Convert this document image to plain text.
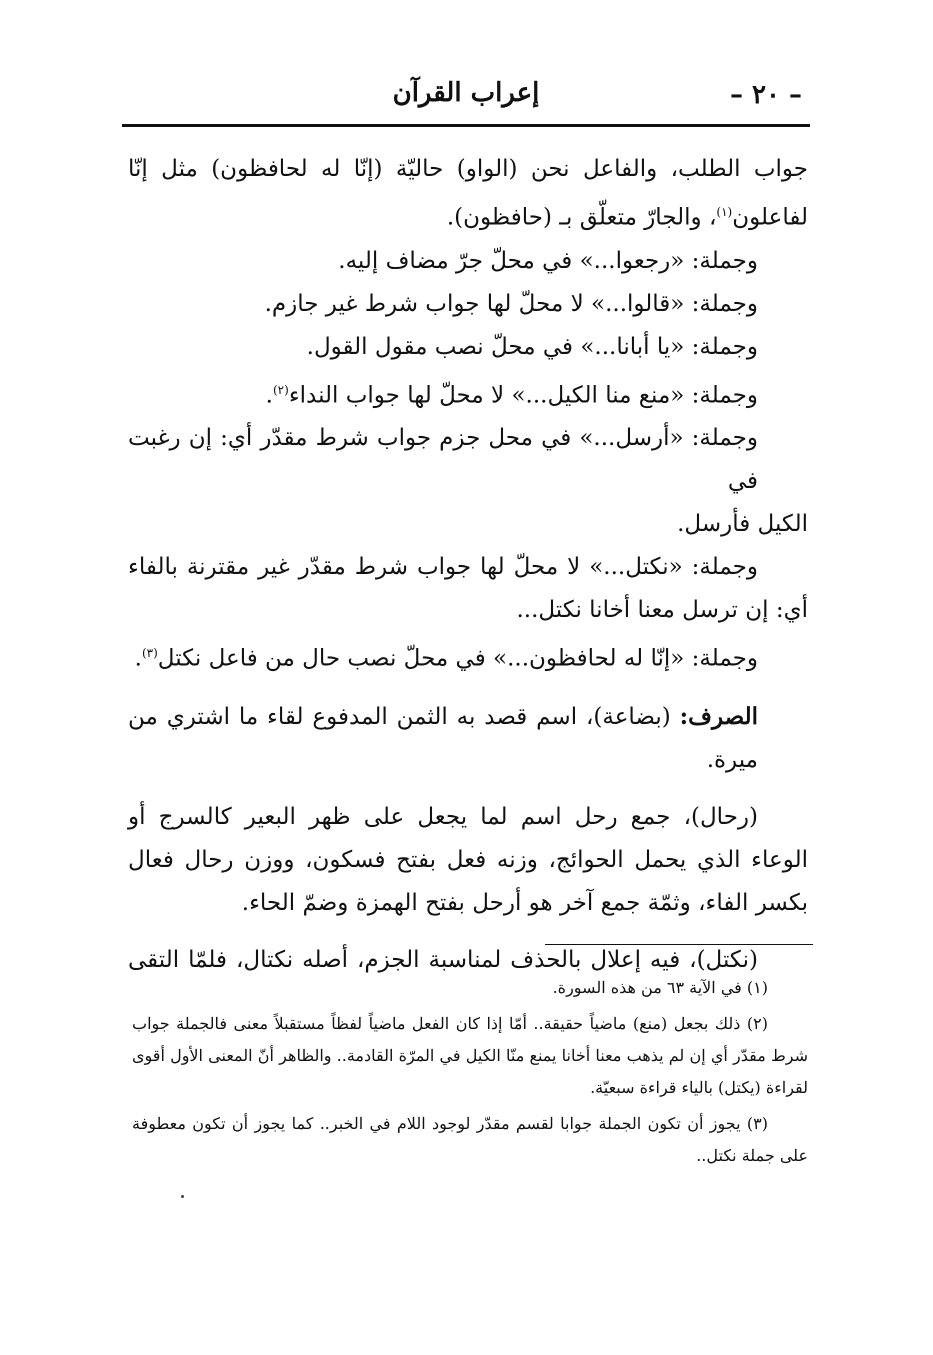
– ٢٠ –
إعراب القرآن

جواب الطلب، والفاعل نحن (الواو) حاليّة (إنّا له لحافظون) مثل إنّا لفاعلون$^{(١)}$، والجارّ متعلّق بـ (حافظون).

وجملة: «رجعوا...» في محلّ جرّ مضاف إليه.

وجملة: «قالوا...» لا محلّ لها جواب شرط غير جازم.

وجملة: «يا أبانا...» في محلّ نصب مقول القول.

وجملة: «منع منا الكيل...» لا محلّ لها جواب النداء$^{(٢)}$.

وجملة: «أرسل...» في محل جزم جواب شرط مقدّر أي: إن رغبت في

الكيل فأرسل.

وجملة: «نكتل...» لا محلّ لها جواب شرط مقدّر غير مقترنة بالفاء

أي: إن ترسل معنا أخانا نكتل...

وجملة: «إنّا له لحافظون...» في محلّ نصب حال من فاعل نكتل$^{(٣)}$.

الصرف: (بضاعة)، اسم قصد به الثمن المدفوع لقاء ما اشتري من ميرة.

(رحال)، جمع رحل اسم لما يجعل على ظهر البعير كالسرج أو الوعاء الذي يحمل الحوائج، وزنه فعل بفتح فسكون، ووزن رحال فعال بكسر الفاء، وثمّة جمع آخر هو أرحل بفتح الهمزة وضمّ الحاء.

(نكتل)، فيه إعلال بالحذف لمناسبة الجزم، أصله نكتال، فلمّا التقى

(١) في الآية ٦٣ من هذه السورة.

(٢) ذلك بجعل (منع) ماضياً حقيقة.. أمّا إذا كان الفعل ماضياً لفظاً مستقبلاً معنى فالجملة جواب شرط مقدّر أي إن لم يذهب معنا أخانا يمنع منّا الكيل في المرّة القادمة.. والظاهر أنّ المعنى الأول أقوى لقراءة (يكتل) بالياء قراءة سبعيّة.

(٣) يجوز أن تكون الجملة جوابا لقسم مقدّر لوجود اللام في الخبر.. كما يجوز أن تكون معطوفة على جملة نكتل..
